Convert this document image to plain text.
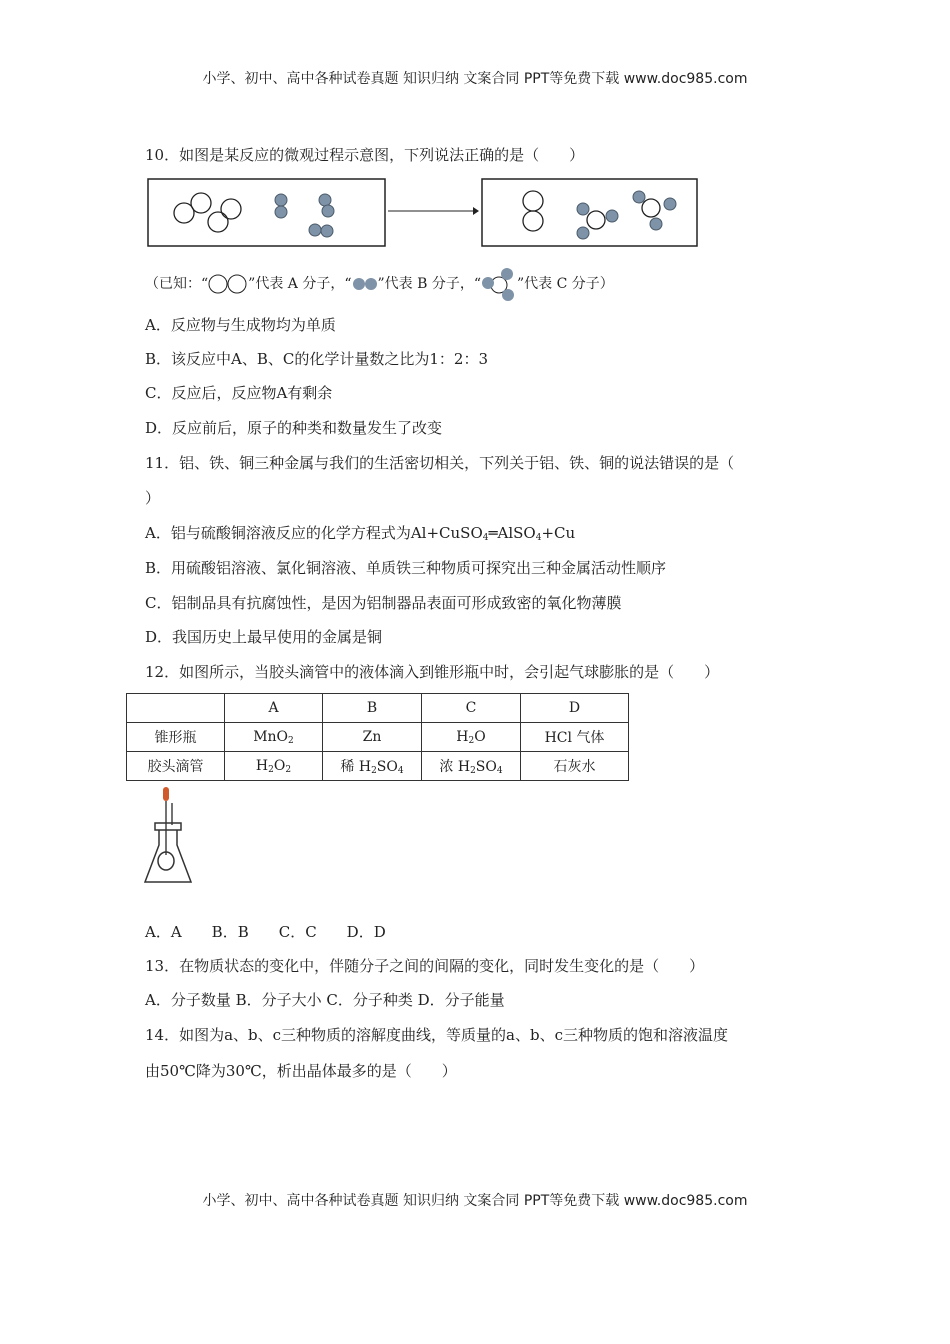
小学、初中、高中各种试卷真题 知识归纳 文案合同 PPT等免费下载 www.doc985.com
10．如图是某反应的微观过程示意图，下列说法正确的是（　　）
（已知：“	”代表 A 分子，“ ”代表 B 分子，“	”代表 C 分子）
A．反应物与生成物均为单质
B．该反应中A、B、C的化学计量数之比为1：2：3
C．反应后，反应物A有剩余
D．反应前后，原子的种类和数量发生了改变
11．铝、铁、铜三种金属与我们的生活密切相关，下列关于铝、铁、铜的说法错误的是（
）
A．铝与硫酸铜溶液反应的化学方程式为Al+CuSO$_4$═AlSO$_4$+Cu
B．用硫酸铝溶液、氯化铜溶液、单质铁三种物质可探究出三种金属活动性顺序
C．铝制品具有抗腐蚀性，是因为铝制器品表面可形成致密的氧化物薄膜
D．我国历史上最早使用的金属是铜
12．如图所示，当胶头滴管中的液体滴入到锥形瓶中时，会引起气球膨胀的是（　　）
	A	B	C	D
锥形瓶	MnO$_2$	Zn	$H_2O$	HCl 气体
胶头滴管	$H_2O_2$	稀 $H_2SO_4$	浓 $H_2SO_4$	石灰水
A．A　　B．B　　C．C　　D．D
13．在物质状态的变化中，伴随分子之间的间隔的变化，同时发生变化的是（　　）
A．分子数量 B．分子大小 C．分子种类 D．分子能量
14．如图为a、b、c三种物质的溶解度曲线，等质量的a、b、c三种物质的饱和溶液温度
由50℃降为30℃，析出晶体最多的是（　　）
小学、初中、高中各种试卷真题 知识归纳 文案合同 PPT等免费下载 www.doc985.com
